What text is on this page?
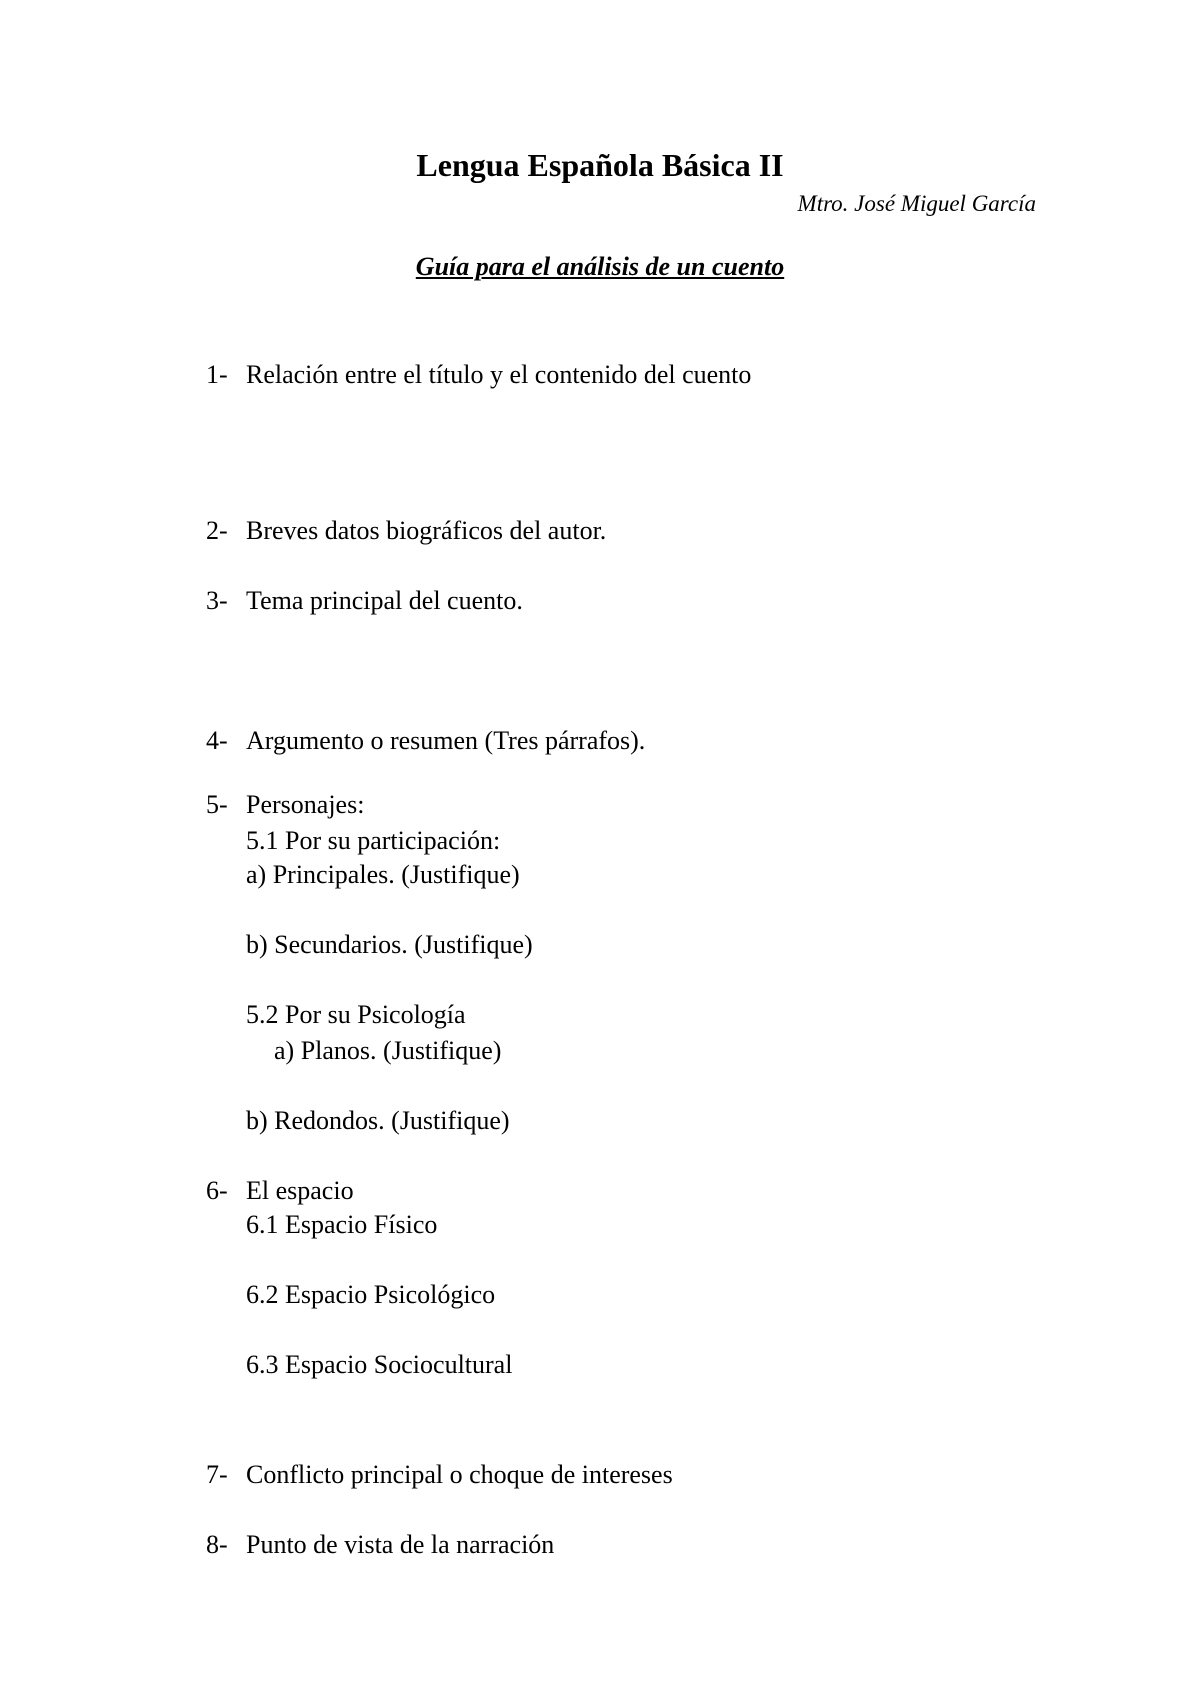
Lengua Española Básica II
Mtro. José Miguel García
Guía para el análisis de un cuento
1- Relación entre el título y el contenido del cuento
2- Breves datos biográficos del autor.
3- Tema principal del cuento.
4- Argumento o resumen (Tres párrafos).
5- Personajes:
5.1 Por su participación:
a) Principales. (Justifique)
b) Secundarios. (Justifique)
5.2 Por su Psicología
a) Planos. (Justifique)
b) Redondos. (Justifique)
6- El espacio
6.1 Espacio Físico
6.2 Espacio Psicológico
6.3 Espacio Sociocultural
7- Conflicto principal o choque de intereses
8- Punto de vista de la narración
